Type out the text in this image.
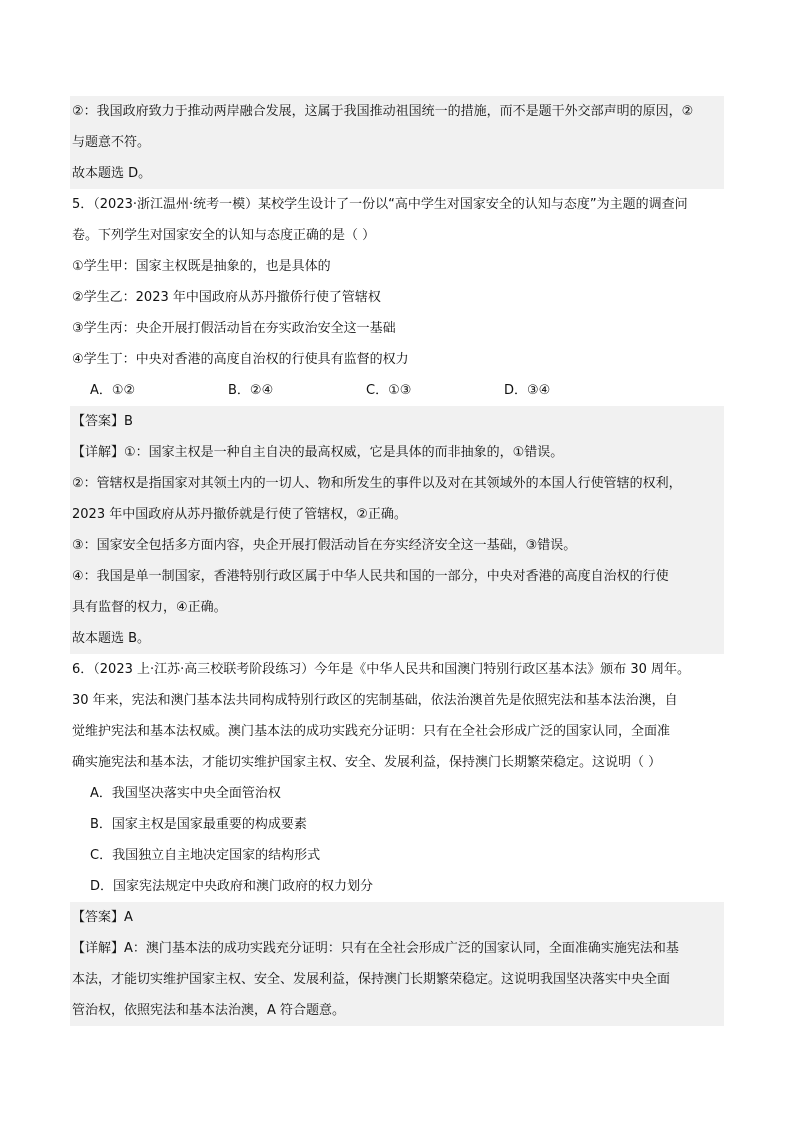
②：我国政府致力于推动两岸融合发展，这属于我国推动祖国统一的措施，而不是题干外交部声明的原因，②
与题意不符。
故本题选 D。
5．（2023·浙江温州·统考一模）某校学生设计了一份以“高中学生对国家安全的认知与态度”为主题的调查问
卷。下列学生对国家安全的认知与态度正确的是（ ）
①学生甲：国家主权既是抽象的，也是具体的
②学生乙：2023 年中国政府从苏丹撤侨行使了管辖权
③学生丙：央企开展打假活动旨在夯实政治安全这一基础
④学生丁：中央对香港的高度自治权的行使具有监督的权力
A．①②	B．②④	C．①③	D．③④
【答案】B
【详解】①：国家主权是一种自主自决的最高权威，它是具体的而非抽象的，①错误。
②：管辖权是指国家对其领土内的一切人、物和所发生的事件以及对在其领域外的本国人行使管辖的权利，
2023 年中国政府从苏丹撤侨就是行使了管辖权，②正确。
③：国家安全包括多方面内容，央企开展打假活动旨在夯实经济安全这一基础，③错误。
④：我国是单一制国家，香港特别行政区属于中华人民共和国的一部分，中央对香港的高度自治权的行使
具有监督的权力，④正确。
故本题选 B。
6．（2023 上·江苏·高三校联考阶段练习）今年是《中华人民共和国澳门特别行政区基本法》颁布 30 周年。
30 年来，宪法和澳门基本法共同构成特别行政区的宪制基础，依法治澳首先是依照宪法和基本法治澳，自
觉维护宪法和基本法权威。澳门基本法的成功实践充分证明：只有在全社会形成广泛的国家认同，全面准
确实施宪法和基本法，才能切实维护国家主权、安全、发展利益，保持澳门长期繁荣稳定。这说明（ ）
A．我国坚决落实中央全面管治权
B．国家主权是国家最重要的构成要素
C．我国独立自主地决定国家的结构形式
D．国家宪法规定中央政府和澳门政府的权力划分
【答案】A
【详解】A：澳门基本法的成功实践充分证明：只有在全社会形成广泛的国家认同，全面准确实施宪法和基
本法，才能切实维护国家主权、安全、发展利益，保持澳门长期繁荣稳定。这说明我国坚决落实中央全面
管治权，依照宪法和基本法治澳，A 符合题意。
